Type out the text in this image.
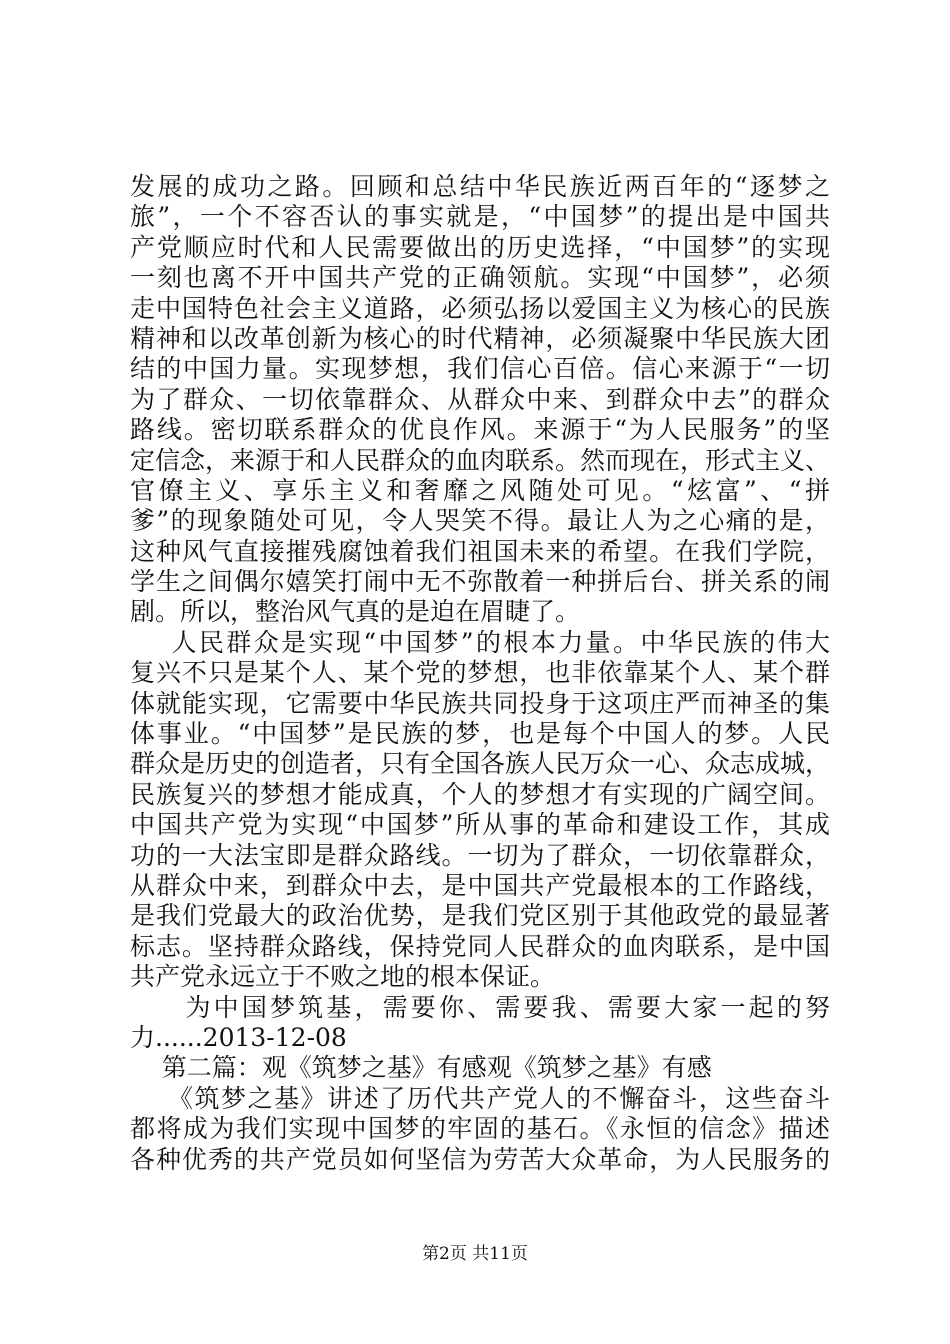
发展的成功之路。回顾和总结中华民族近两百年的“逐梦之
旅”，一个不容否认的事实就是，“中国梦”的提出是中国共
产党顺应时代和人民需要做出的历史选择，“中国梦”的实现
一刻也离不开中国共产党的正确领航。实现“中国梦”，必须
走中国特色社会主义道路，必须弘扬以爱国主义为核心的民族
精神和以改革创新为核心的时代精神，必须凝聚中华民族大团
结的中国力量。实现梦想，我们信心百倍。信心来源于“一切
为了群众、一切依靠群众、从群众中来、到群众中去”的群众
路线。密切联系群众的优良作风。来源于“为人民服务”的坚
定信念，来源于和人民群众的血肉联系。然而现在，形式主义、
官僚主义、享乐主义和奢靡之风随处可见。“炫富”、“拼
爹”的现象随处可见，令人哭笑不得。最让人为之心痛的是，
这种风气直接摧残腐蚀着我们祖国未来的希望。在我们学院，
学生之间偶尔嬉笑打闹中无不弥散着一种拼后台、拼关系的闹
剧。所以，整治风气真的是迫在眉睫了。
人民群众是实现“中国梦”的根本力量。中华民族的伟大
复兴不只是某个人、某个党的梦想，也非依靠某个人、某个群
体就能实现，它需要中华民族共同投身于这项庄严而神圣的集
体事业。“中国梦”是民族的梦，也是每个中国人的梦。人民
群众是历史的创造者，只有全国各族人民万众一心、众志成城，
民族复兴的梦想才能成真，个人的梦想才有实现的广阔空间。
中国共产党为实现“中国梦”所从事的革命和建设工作，其成
功的一大法宝即是群众路线。一切为了群众，一切依靠群众，
从群众中来，到群众中去，是中国共产党最根本的工作路线，
是我们党最大的政治优势，是我们党区别于其他政党的最显著
标志。坚持群众路线，保持党同人民群众的血肉联系，是中国
共产党永远立于不败之地的根本保证。
为中国梦筑基，需要你、需要我、需要大家一起的努
力......2013-12-08
第二篇：观《筑梦之基》有感观《筑梦之基》有感
《筑梦之基》讲述了历代共产党人的不懈奋斗，这些奋斗
都将成为我们实现中国梦的牢固的基石。《永恒的信念》描述
各种优秀的共产党员如何坚信为劳苦大众革命，为人民服务的
第2页 共11页
